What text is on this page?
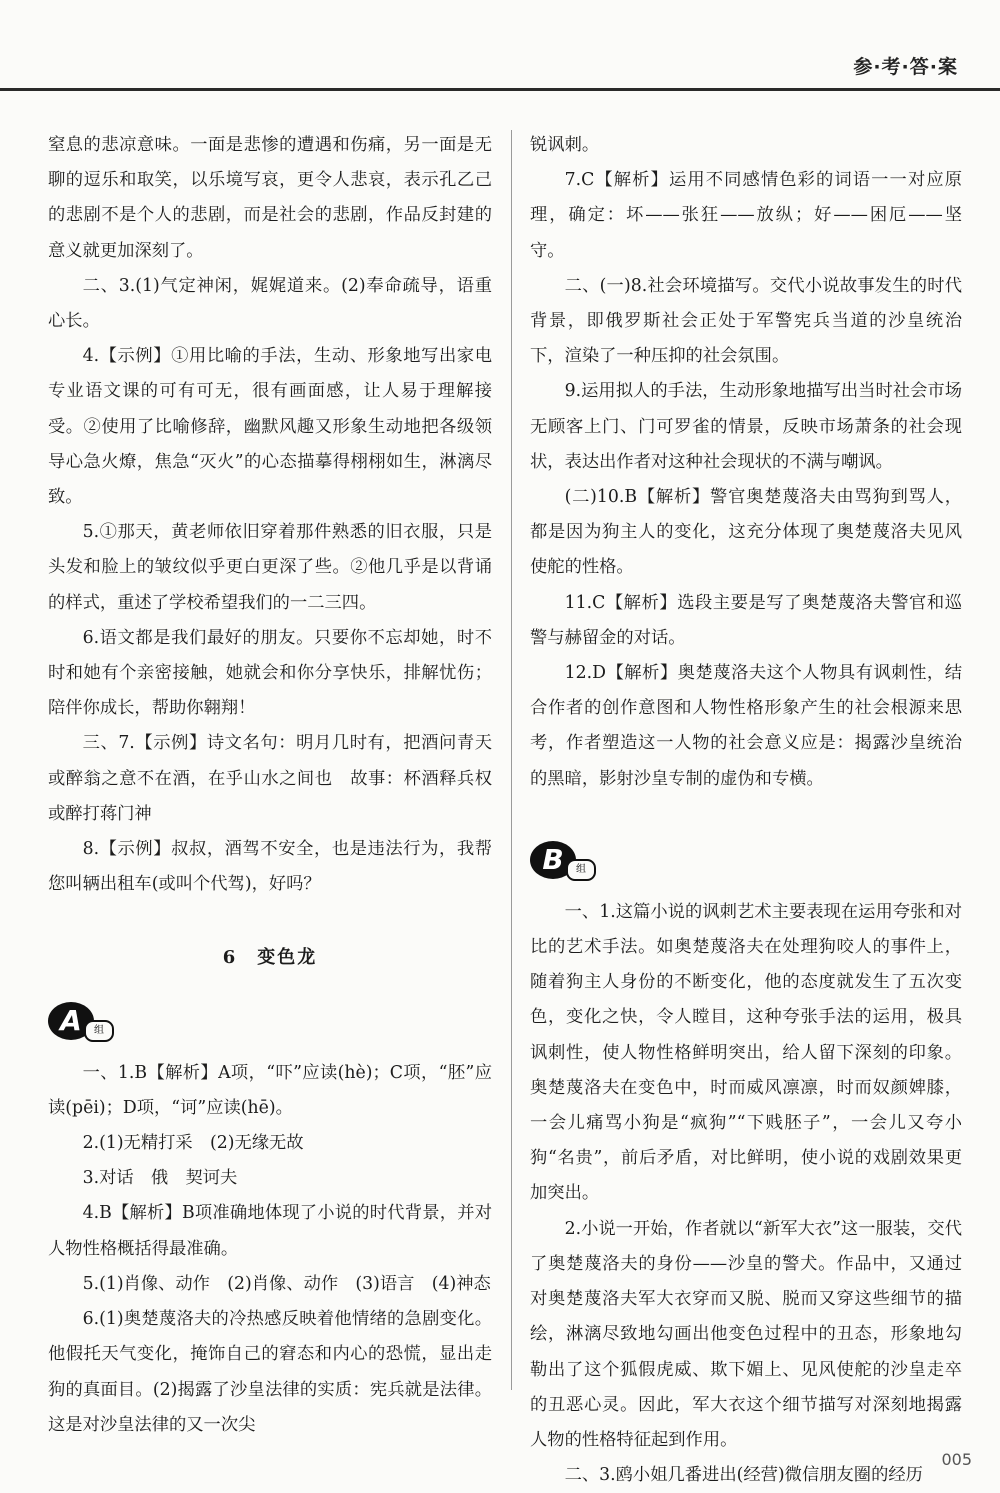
参·考·答·案

窒息的悲凉意味。一面是悲惨的遭遇和伤痛，另一面是无聊的逗乐和取笑，以乐境写哀，更令人悲哀，表示孔乙己的悲剧不是个人的悲剧，而是社会的悲剧，作品反封建的意义就更加深刻了。

二、3.(1)气定神闲，娓娓道来。(2)奉命疏导，语重心长。

4.【示例】①用比喻的手法，生动、形象地写出家电专业语文课的可有可无，很有画面感，让人易于理解接受。②使用了比喻修辞，幽默风趣又形象生动地把各级领导心急火燎，焦急“灭火”的心态描摹得栩栩如生，淋漓尽致。

5.①那天，黄老师依旧穿着那件熟悉的旧衣服，只是头发和脸上的皱纹似乎更白更深了些。②他几乎是以背诵的样式，重述了学校希望我们的一二三四。

6.语文都是我们最好的朋友。只要你不忘却她，时不时和她有个亲密接触，她就会和你分享快乐，排解忧伤；陪伴你成长，帮助你翱翔！

三、7.【示例】诗文名句：明月几时有，把酒问青天　或醉翁之意不在酒，在乎山水之间也　故事：杯酒释兵权或醉打蒋门神

8.【示例】叔叔，酒驾不安全，也是违法行为，我帮您叫辆出租车(或叫个代驾)，好吗？

6　变色龙
A	组

一、1.B【解析】A项，“吓”应读(hè)；C项，“胚”应读(pēi)；D项，“诃”应读(hē)。

2.(1)无精打采　(2)无缘无故

3.对话　俄　契诃夫

4.B【解析】B项准确地体现了小说的时代背景，并对人物性格概括得最准确。

5.(1)肖像、动作　(2)肖像、动作　(3)语言　(4)神态

6.(1)奥楚蔑洛夫的冷热感反映着他情绪的急剧变化。他假托天气变化，掩饰自己的窘态和内心的恐慌，显出走狗的真面目。(2)揭露了沙皇法律的实质：宪兵就是法律。这是对沙皇法律的又一次尖

锐讽刺。

7.C【解析】运用不同感情色彩的词语一一对应原理，确定：坏——张狂——放纵；好——困厄——坚守。

二、(一)8.社会环境描写。交代小说故事发生的时代背景，即俄罗斯社会正处于军警宪兵当道的沙皇统治下，渲染了一种压抑的社会氛围。

9.运用拟人的手法，生动形象地描写出当时社会市场无顾客上门、门可罗雀的情景，反映市场萧条的社会现状，表达出作者对这种社会现状的不满与嘲讽。

(二)10.B【解析】警官奥楚蔑洛夫由骂狗到骂人，都是因为狗主人的变化，这充分体现了奥楚蔑洛夫见风使舵的性格。

11.C【解析】选段主要是写了奥楚蔑洛夫警官和巡警与赫留金的对话。

12.D【解析】奥楚蔑洛夫这个人物具有讽刺性，结合作者的创作意图和人物性格形象产生的社会根源来思考，作者塑造这一人物的社会意义应是：揭露沙皇统治的黑暗，影射沙皇专制的虚伪和专横。

B	组

一、1.这篇小说的讽刺艺术主要表现在运用夸张和对比的艺术手法。如奥楚蔑洛夫在处理狗咬人的事件上，随着狗主人身份的不断变化，他的态度就发生了五次变色，变化之快，令人瞠目，这种夸张手法的运用，极具讽刺性，使人物性格鲜明突出，给人留下深刻的印象。奥楚蔑洛夫在变色中，时而威风凛凛，时而奴颜婢膝，一会儿痛骂小狗是“疯狗”“下贱胚子”，一会儿又夸小狗“名贵”，前后矛盾，对比鲜明，使小说的戏剧效果更加突出。

2.小说一开始，作者就以“新军大衣”这一服装，交代了奥楚蔑洛夫的身份——沙皇的警犬。作品中，又通过对奥楚蔑洛夫军大衣穿而又脱、脱而又穿这些细节的描绘，淋漓尽致地勾画出他变色过程中的丑态，形象地勾勒出了这个狐假虎威、欺下媚上、见风使舵的沙皇走卒的丑恶心灵。因此，军大衣这个细节描写对深刻地揭露人物的性格特征起到作用。

二、3.鸥小姐几番进出(经营)微信朋友圈的经历

005
